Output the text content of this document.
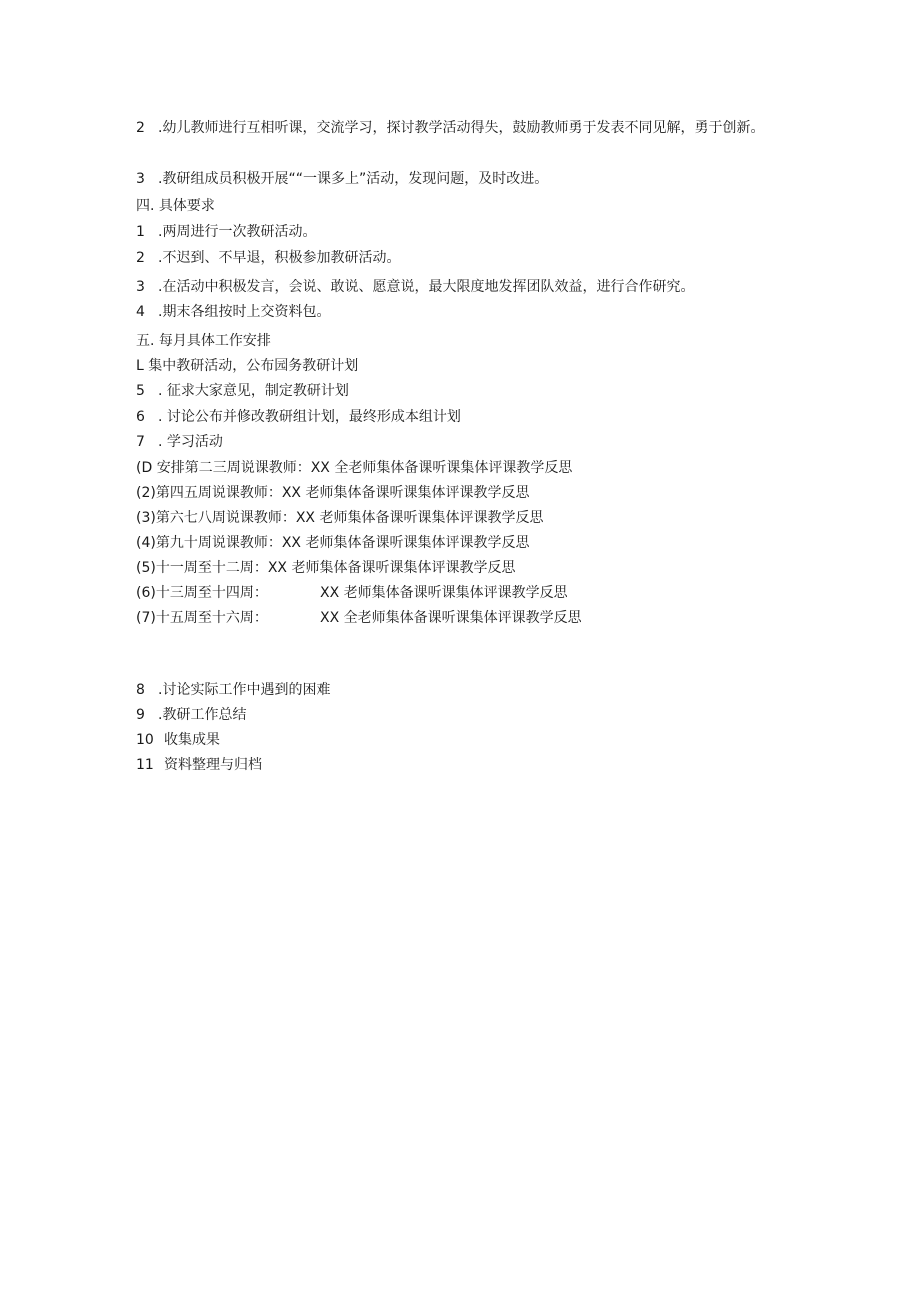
2 .幼儿教师进行互相听课，交流学习，探讨教学活动得失，鼓励教师勇于发表不同见解，勇于创新。
3 .教研组成员积极开展““一课多上”活动，发现问题，及时改进。
四. 具体要求
1 .两周进行一次教研活动。
2 .不迟到、不早退，积极参加教研活动。
3 .在活动中积极发言，会说、敢说、愿意说，最大限度地发挥团队效益，进行合作研究。
4 .期末各组按时上交资料包。
五. 每月具体工作安排
L 集中教研活动，公布园务教研计划
5 . 征求大家意见，制定教研计划
6 . 讨论公布并修改教研组计划，最终形成本组计划
7 . 学习活动
(D 安排第二三周说课教师：XX 全老师集体备课听课集体评课教学反思
(2)第四五周说课教师：XX 老师集体备课听课集体评课教学反思
(3)第六七八周说课教师：XX 老师集体备课听课集体评课教学反思
(4)第九十周说课教师：XX 老师集体备课听课集体评课教学反思
(5)十一周至十二周：XX 老师集体备课听课集体评课教学反思
(6)十三周至十四周：	XX 老师集体备课听课集体评课教学反思
(7)十五周至十六周：	XX 全老师集体备课听课集体评课教学反思
8 .讨论实际工作中遇到的困难
9 .教研工作总结
10 收集成果
11 资料整理与归档
